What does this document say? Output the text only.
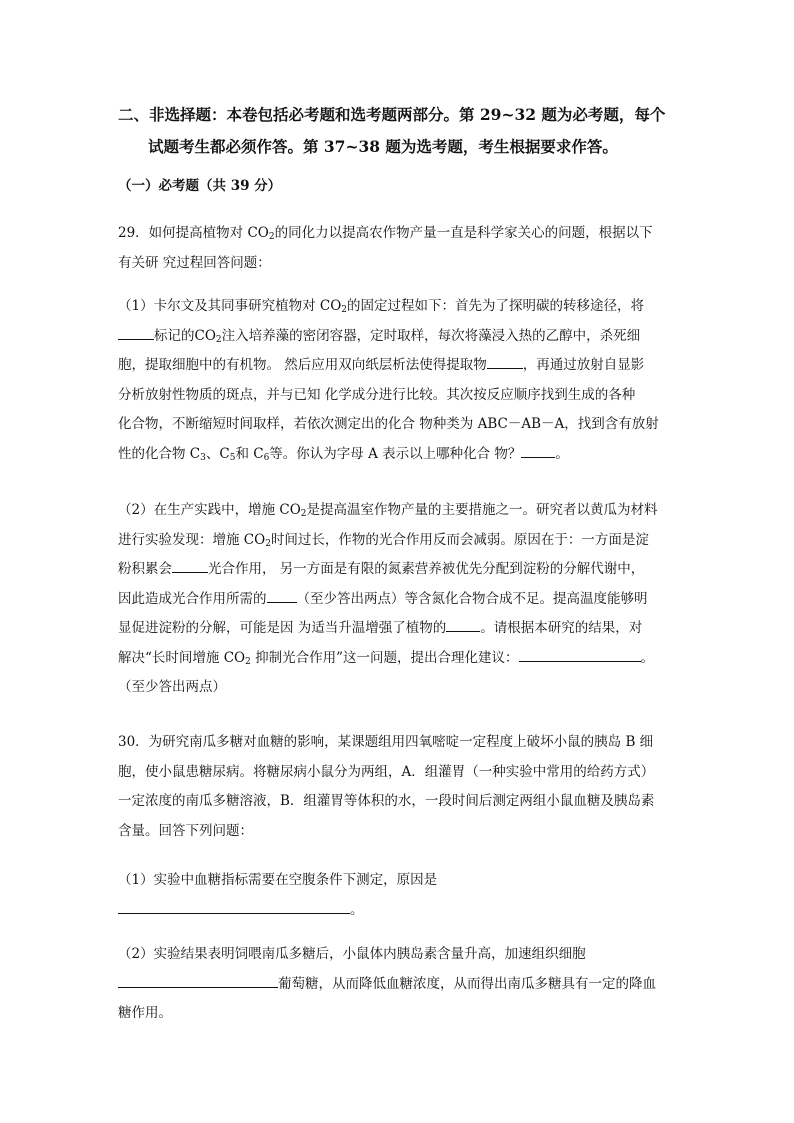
二、非选择题：本卷包括必考题和选考题两部分。第 29~32 题为必考题，每个
试题考生都必须作答。第 37~38 题为选考题，考生根据要求作答。
（一）必考题（共 39 分）
29．如何提高植物对 $CO_2$的同化力以提高农作物产量一直是科学家关心的问题，根据以下
有关研 究过程回答问题：
（1）卡尔文及其同事研究植物对 $CO_2$的固定过程如下：首先为了探明碳的转移途径，将
标记的$CO_2$注入培养藻的密闭容器，定时取样，每次将藻浸入热的乙醇中，杀死细
胞，提取细胞中的有机物。 然后应用双向纸层析法使得提取物	，再通过放射自显影
分析放射性物质的斑点，并与已知 化学成分进行比较。其次按反应顺序找到生成的各种
化合物，不断缩短时间取样，若依次测定出的化合 物种类为 ABC－AB－A，找到含有放射
性的化合物 $C_3$、$C_5$和 $C_6$等。你认为字母 A 表示以上哪种化合 物？	。
（2）在生产实践中，增施 $CO_2$是提高温室作物产量的主要措施之一。研究者以黄瓜为材料
进行实验发现：增施 $CO_2$时间过长，作物的光合作用反而会减弱。原因在于：一方面是淀
粉积累会	光合作用， 另一方面是有限的氮素营养被优先分配到淀粉的分解代谢中，
因此造成光合作用所需的 （至少答出两点）等含氮化合物合成不足。提高温度能够明
显促进淀粉的分解，可能是因 为适当升温增强了植物的	。请根据本研究的结果，对
解决“长时间增施 $CO_2$ 抑制光合作用”这一问题，提出合理化建议：	。
（至少答出两点）
30．为研究南瓜多糖对血糖的影响，某课题组用四氧嘧啶一定程度上破坏小鼠的胰岛 B 细
胞，使小鼠患糖尿病。将糖尿病小鼠分为两组，A．组灌胃（一种实验中常用的给药方式）
一定浓度的南瓜多糖溶液，B．组灌胃等体积的水，一段时间后测定两组小鼠血糖及胰岛素
含量。回答下列问题：
（1）实验中血糖指标需要在空腹条件下测定，原因是
。
（2）实验结果表明饲喂南瓜多糖后，小鼠体内胰岛素含量升高，加速组织细胞
葡萄糖，从而降低血糖浓度，从而得出南瓜多糖具有一定的降血
糖作用。
